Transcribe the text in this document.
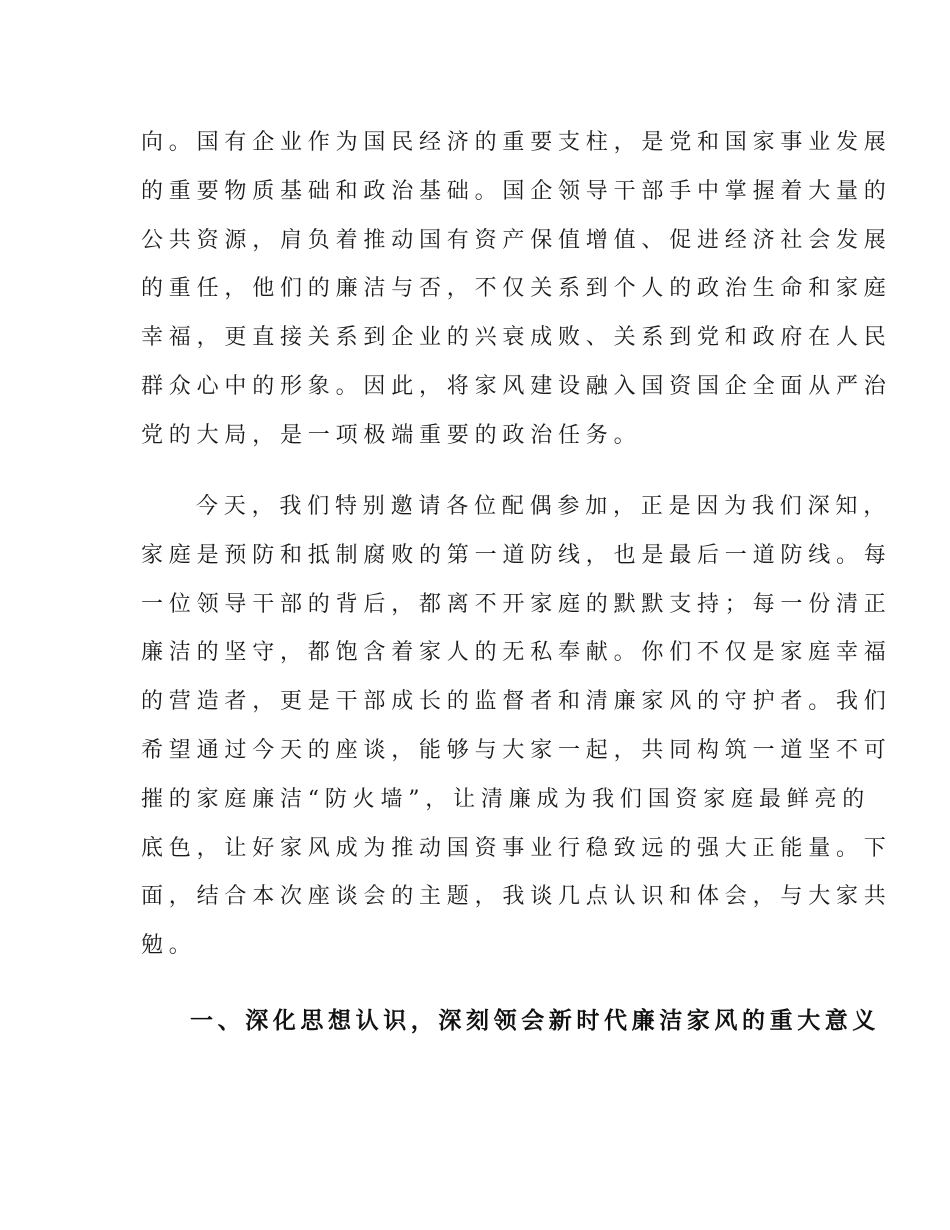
向。国有企业作为国民经济的重要支柱，是党和国家事业发展
的重要物质基础和政治基础。国企领导干部手中掌握着大量的
公共资源，肩负着推动国有资产保值增值、促进经济社会发展
的重任，他们的廉洁与否，不仅关系到个人的政治生命和家庭
幸福，更直接关系到企业的兴衰成败、关系到党和政府在人民
群众心中的形象。因此，将家风建设融入国资国企全面从严治
党的大局，是一项极端重要的政治任务。

今天，我们特别邀请各位配偶参加，正是因为我们深知，
家庭是预防和抵制腐败的第一道防线，也是最后一道防线。每
一位领导干部的背后，都离不开家庭的默默支持；每一份清正
廉洁的坚守，都饱含着家人的无私奉献。你们不仅是家庭幸福
的营造者，更是干部成长的监督者和清廉家风的守护者。我们
希望通过今天的座谈，能够与大家一起，共同构筑一道坚不可
摧的家庭廉洁“防火墙”，让清廉成为我们国资家庭最鲜亮的
底色，让好家风成为推动国资事业行稳致远的强大正能量。下
面，结合本次座谈会的主题，我谈几点认识和体会，与大家共
勉。

一、深化思想认识，深刻领会新时代廉洁家风的重大意义
